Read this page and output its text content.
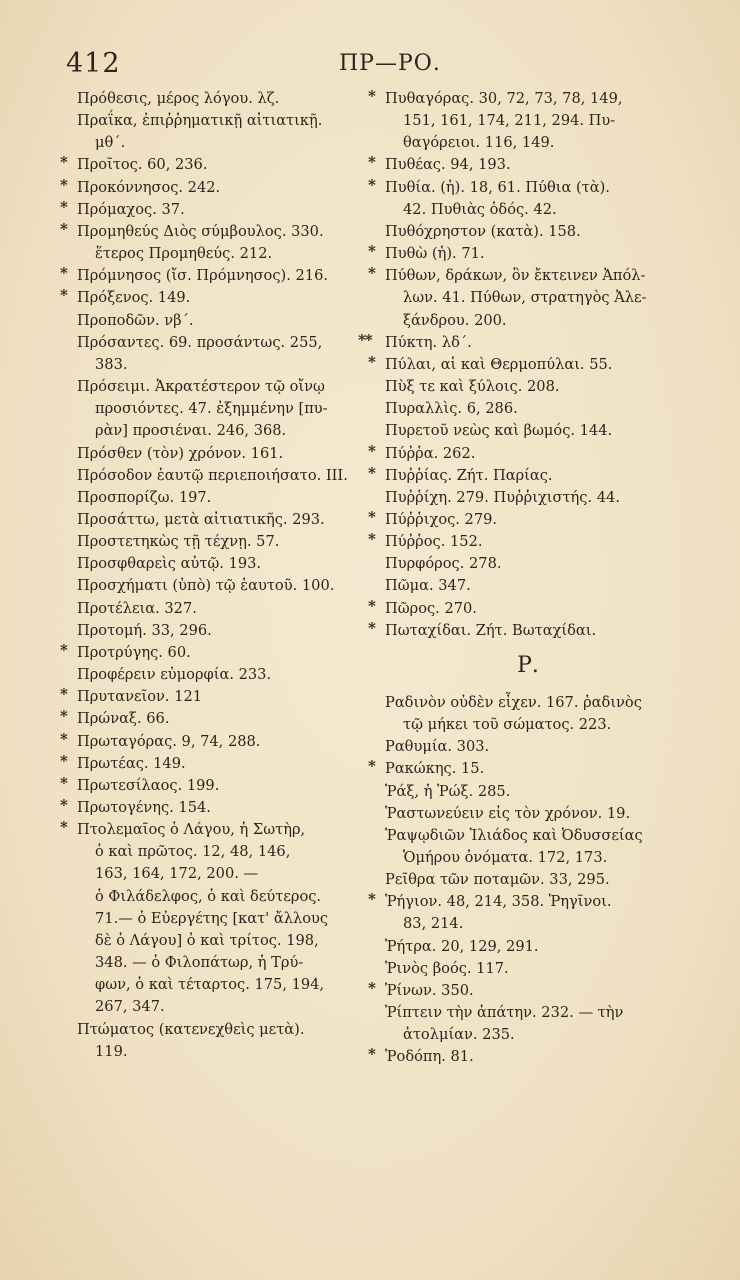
412	ΠΡ—ΡΟ.
Πρόθεσις, μέρος λόγου. λζ.
Πραΐκα, ἐπιῤῥηματικῇ αἰτιατικῇ.
μθ΄.
* Προῖτος. 60, 236.
* Προκόννησος. 242.
* Πρόμαχος. 37.
* Προμηθεύς Διὸς σύμβουλος. 330.
ἕτερος Προμηθεύς. 212.
* Πρόμνησος (ἴσ. Πρόμνησος). 216.
* Πρόξενος. 149.
Προποδῶν. νβ΄.
Πρόσαντες. 69. προσάντως. 255,
383.
Πρόσειμι. Ἀκρατέστερον τῷ οἴνῳ
προσιόντες. 47. ἐξημμένην [πυ-
ρὰν] προσιέναι. 246, 368.
Πρόσθεν (τὸν) χρόνον. 161.
Πρόσοδον ἑαυτῷ περιεποιήσατο. III.
Προσπορίζω. 197.
Προσάττω, μετὰ αἰτιατικῆς. 293.
Προστετηκὼς τῇ τέχνῃ. 57.
Προσφθαρεὶς αὐτῷ. 193.
Προσχήματι (ὑπὸ) τῷ ἑαυτοῦ. 100.
Προτέλεια. 327.
Προτομή. 33, 296.
* Προτρύγης. 60.
Προφέρειν εὐμορφία. 233.
* Πρυτανεῖον. 121
* Πρώναξ. 66.
* Πρωταγόρας. 9, 74, 288.
* Πρωτέας. 149.
* Πρωτεσίλαος. 199.
* Πρωτογένης. 154.
* Πτολεμαῖος ὁ Λάγου, ἡ Σωτὴρ,
ὁ καὶ πρῶτος. 12, 48, 146,
163, 164, 172, 200. —
ὁ Φιλάδελφος, ὁ καὶ δεύτερος.
71.— ὁ Εὐεργέτης [κατ' ἄλλους
δὲ ὁ Λάγου] ὁ καὶ τρίτος. 198,
348. — ὁ Φιλοπάτωρ, ἡ Τρύ-
φων, ὁ καὶ τέταρτος. 175, 194,
267, 347.
Πτώματος (κατενεχθεὶς μετὰ).
119.
* Πυθαγόρας. 30, 72, 73, 78, 149,
151, 161, 174, 211, 294. Πυ-
θαγόρειοι. 116, 149.
* Πυθέας. 94, 193.
* Πυθία. (ἡ). 18, 61. Πύθια (τὰ).
42. Πυθιὰς ὁδός. 42.
Πυθόχρηστον (κατὰ). 158.
* Πυθὼ (ἡ). 71.
* Πύθων, δράκων, ὃν ἔκτεινεν Ἀπόλ-
λων. 41. Πύθων, στρατηγὸς Ἀλε-
ξάνδρου. 200.
** Πύκτη. λδ΄.
* Πύλαι, αἱ καὶ Θερμοπύλαι. 55.
Πὺξ τε καὶ ξύλοις. 208.
Πυραλλὶς. 6, 286.
Πυρετοῦ νεὼς καὶ βωμός. 144.
* Πύῤῥα. 262.
* Πυῤῥίας. Ζήτ. Παρίας.
Πυῤῥίχη. 279. Πυῤῥιχιστής. 44.
* Πύῤῥιχος. 279.
* Πύῤῥος. 152.
Πυρφόρος. 278.
Πῶμα. 347.
* Πῶρος. 270.
* Πωταχίδαι. Ζήτ. Βωταχίδαι.
Ρ.
Ραδινὸν οὐδὲν εἶχεν. 167. ῥαδινὸς
τῷ μήκει τοῦ σώματος. 223.
Ραθυμία. 303.
* Ρακώκης. 15.
Ῥάξ, ἡ Ῥώξ. 285.
Ῥαστωνεύειν εἰς τὸν χρόνον. 19.
Ῥαψῳδιῶν Ἰλιάδος καὶ Ὀδυσσείας
Ὁμήρου ὀνόματα. 172, 173.
Ρεῖθρα τῶν ποταμῶν. 33, 295.
* Ῥήγιον. 48, 214, 358. Ῥηγῖνοι.
83, 214.
Ῥήτρα. 20, 129, 291.
Ῥινὸς βοός. 117.
* Ῥίνων. 350.
Ῥίπτειν τὴν ἀπάτην. 232. — τὴν
ἀτολμίαν. 235.
* Ῥοδόπη. 81.
